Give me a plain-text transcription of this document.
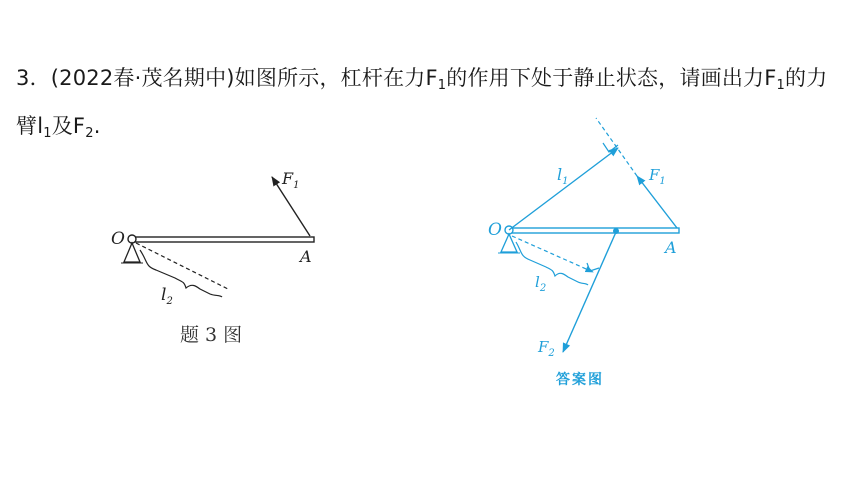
3．(2022春·茂名期中)如图所示，杠杆在力$F_1$的作用下处于静止状态，请画出力$F_1$的力臂$l_1$及$F_2$.
O
A
$F_1$
$l_2$
O
A
$F_1$
$l_1$
$l_2$
$F_2$
题 3 图
答案图
